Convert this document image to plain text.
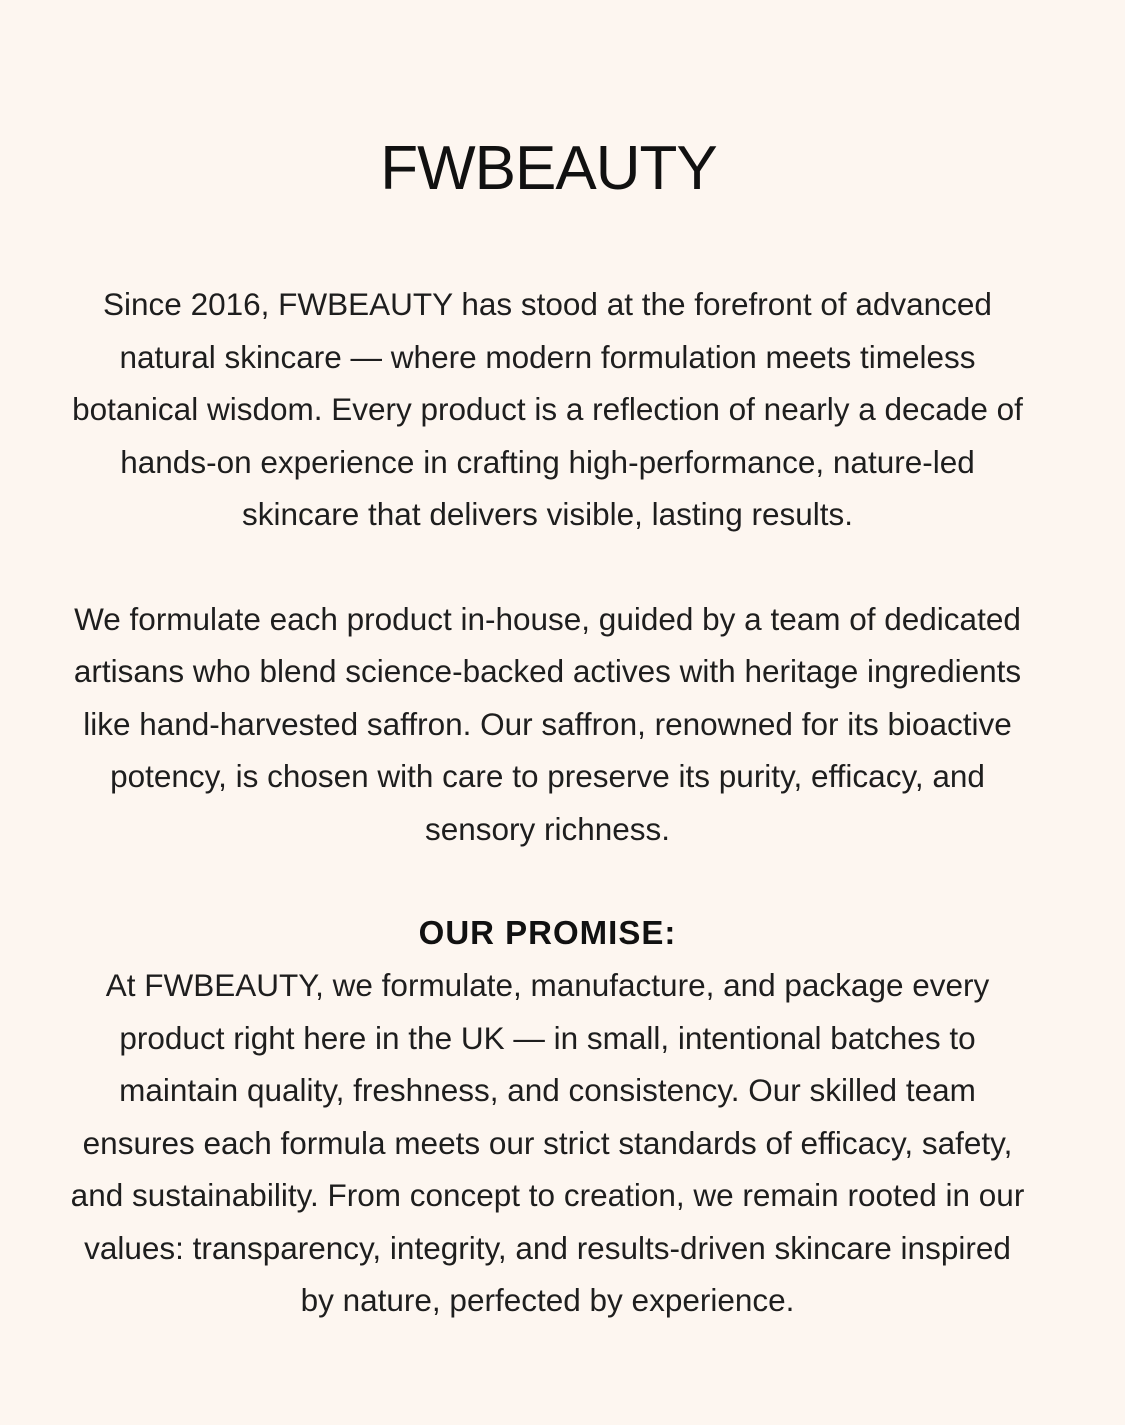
FWBEAUTY

Since 2016, FWBEAUTY has stood at the forefront of advanced natural skincare — where modern formulation meets timeless botanical wisdom. Every product is a reflection of nearly a decade of hands-on experience in crafting high-performance, nature-led skincare that delivers visible, lasting results.

We formulate each product in-house, guided by a team of dedicated artisans who blend science-backed actives with heritage ingredients like hand-harvested saffron. Our saffron, renowned for its bioactive potency, is chosen with care to preserve its purity, efficacy, and sensory richness.

OUR PROMISE:

At FWBEAUTY, we formulate, manufacture, and package every product right here in the UK — in small, intentional batches to maintain quality, freshness, and consistency. Our skilled team ensures each formula meets our strict standards of efficacy, safety, and sustainability. From concept to creation, we remain rooted in our values: transparency, integrity, and results-driven skincare inspired by nature, perfected by experience.
